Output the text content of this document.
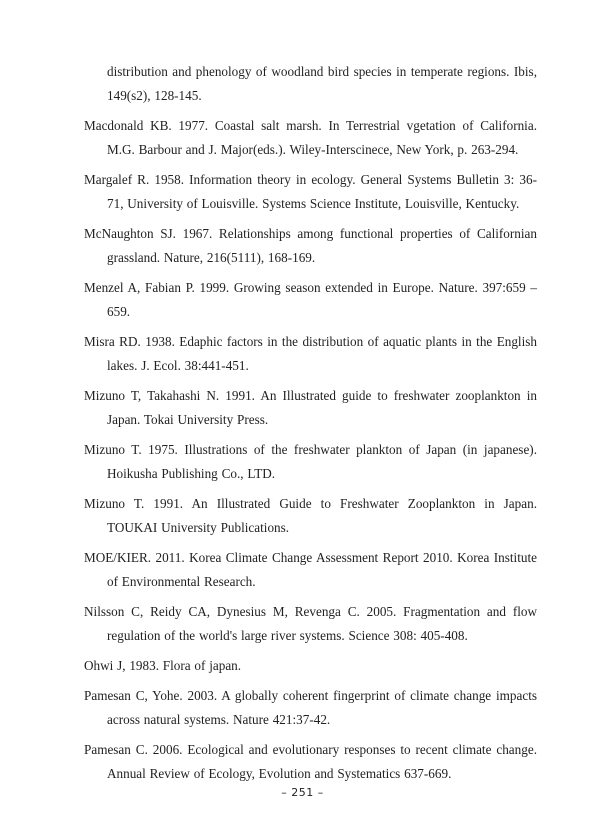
distribution and phenology of woodland bird species in temperate regions. Ibis, 149(s2), 128-145.
Macdonald KB. 1977. Coastal salt marsh. In Terrestrial vgetation of California. M.G. Barbour and J. Major(eds.). Wiley-Interscinece, New York, p. 263-294.
Margalef R. 1958. Information theory in ecology. General Systems Bulletin 3: 36-71, University of Louisville. Systems Science Institute, Louisville, Kentucky.
McNaughton SJ. 1967. Relationships among functional properties of Californian grassland. Nature, 216(5111), 168-169.
Menzel A, Fabian P. 1999. Growing season extended in Europe. Nature. 397:659 – 659.
Misra RD. 1938. Edaphic factors in the distribution of aquatic plants in the English lakes. J. Ecol. 38:441-451.
Mizuno T, Takahashi N. 1991. An Illustrated guide to freshwater zooplankton in Japan. Tokai University Press.
Mizuno T. 1975. Illustrations of the freshwater plankton of Japan (in japanese). Hoikusha Publishing Co., LTD.
Mizuno T. 1991. An Illustrated Guide to Freshwater Zooplankton in Japan. TOUKAI University Publications.
MOE/KIER. 2011. Korea Climate Change Assessment Report 2010. Korea Institute of Environmental Research.
Nilsson C, Reidy CA, Dynesius M, Revenga C. 2005. Fragmentation and flow regulation of the world's large river systems. Science 308: 405-408.
Ohwi J, 1983. Flora of japan.
Pamesan C, Yohe. 2003. A globally coherent fingerprint of climate change impacts across natural systems. Nature 421:37-42.
Pamesan C. 2006. Ecological and evolutionary responses to recent climate change. Annual Review of Ecology, Evolution and Systematics 637-669.
– 251 –
